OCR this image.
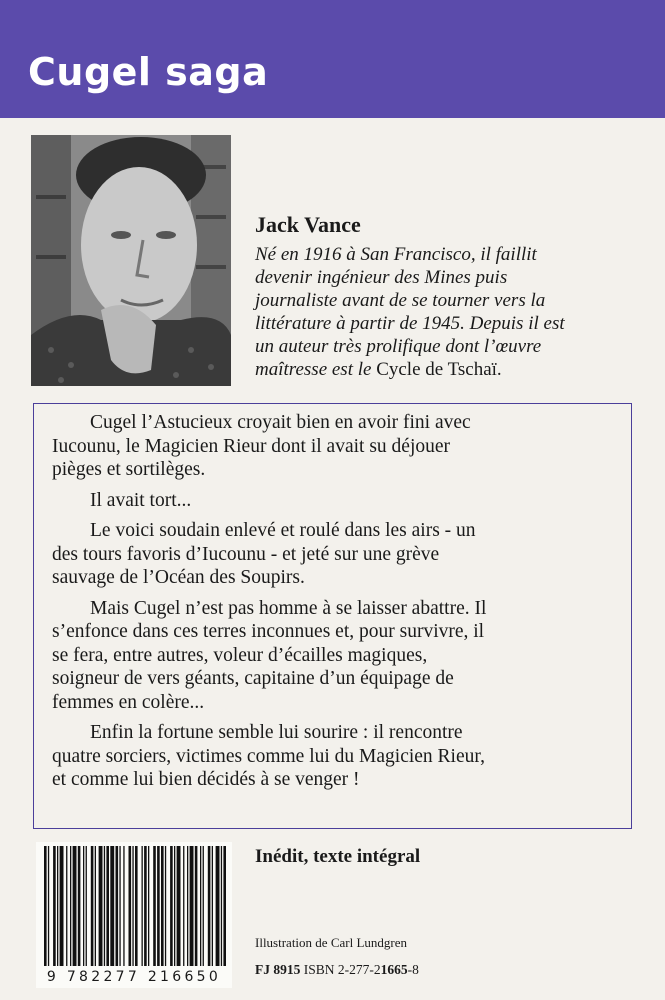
Cugel saga
Jack Vance
Né en 1916 à San Francisco, il faillit
devenir ingénieur des Mines puis
journaliste avant de se tourner vers la
littérature à partir de 1945. Depuis il est
un auteur très prolifique dont l’œuvre
maîtresse est le Cycle de Tschaï.

Cugel l’Astucieux croyait bien en avoir fini avec
Iucounu, le Magicien Rieur dont il avait su déjouer
pièges et sortilèges.

Il avait tort...

Le voici soudain enlevé et roulé dans les airs - un
des tours favoris d’Iucounu - et jeté sur une grève
sauvage de l’Océan des Soupirs.

Mais Cugel n’est pas homme à se laisser abattre. Il
s’enfonce dans ces terres inconnues et, pour survivre, il
se fera, entre autres, voleur d’écailles magiques,
soigneur de vers géants, capitaine d’un équipage de
femmes en colère...

Enfin la fortune semble lui sourire : il rencontre
quatre sorciers, victimes comme lui du Magicien Rieur,
et comme lui bien décidés à se venger !

9 782277 216650
Inédit, texte intégral
Illustration de Carl Lundgren
FJ 8915 ISBN 2-277-21665-8
